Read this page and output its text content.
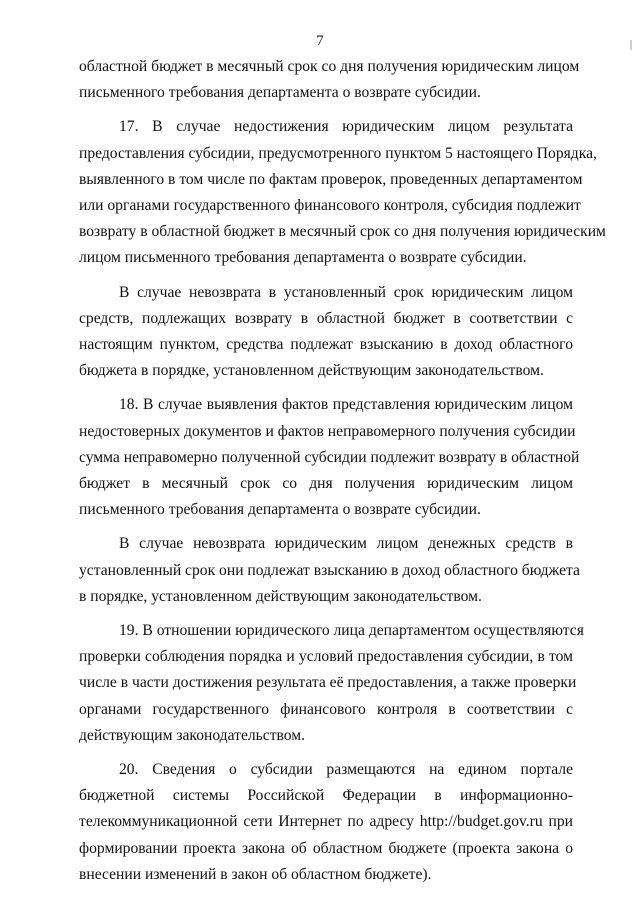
7
областной бюджет в месячный срок со дня получения юридическим лицом
письменного требования департамента о возврате субсидии.
17. В случае недостижения юридическим лицом результата
предоставления субсидии, предусмотренного пунктом 5 настоящего Порядка,
выявленного в том числе по фактам проверок, проведенных департаментом
или органами государственного финансового контроля, субсидия подлежит
возврату в областной бюджет в месячный срок со дня получения юридическим
лицом письменного требования департамента о возврате субсидии.
В случае невозврата в установленный срок юридическим лицом
средств, подлежащих возврату в областной бюджет в соответствии с
настоящим пунктом, средства подлежат взысканию в доход областного
бюджета в порядке, установленном действующим законодательством.
18. В случае выявления фактов представления юридическим лицом
недостоверных документов и фактов неправомерного получения субсидии
сумма неправомерно полученной субсидии подлежит возврату в областной
бюджет в месячный срок со дня получения юридическим лицом
письменного требования департамента о возврате субсидии.
В случае невозврата юридическим лицом денежных средств в
установленный срок они подлежат взысканию в доход областного бюджета
в порядке, установленном действующим законодательством.
19. В отношении юридического лица департаментом осуществляются
проверки соблюдения порядка и условий предоставления субсидии, в том
числе в части достижения результата её предоставления, а также проверки
органами государственного финансового контроля в соответствии с
действующим законодательством.
20. Сведения о субсидии размещаются на едином портале
бюджетной системы Российской Федерации в информационно-
телекоммуникационной сети Интернет по адресу http://budget.gov.ru при
формировании проекта закона об областном бюджете (проекта закона о
внесении изменений в закон об областном бюджете).
